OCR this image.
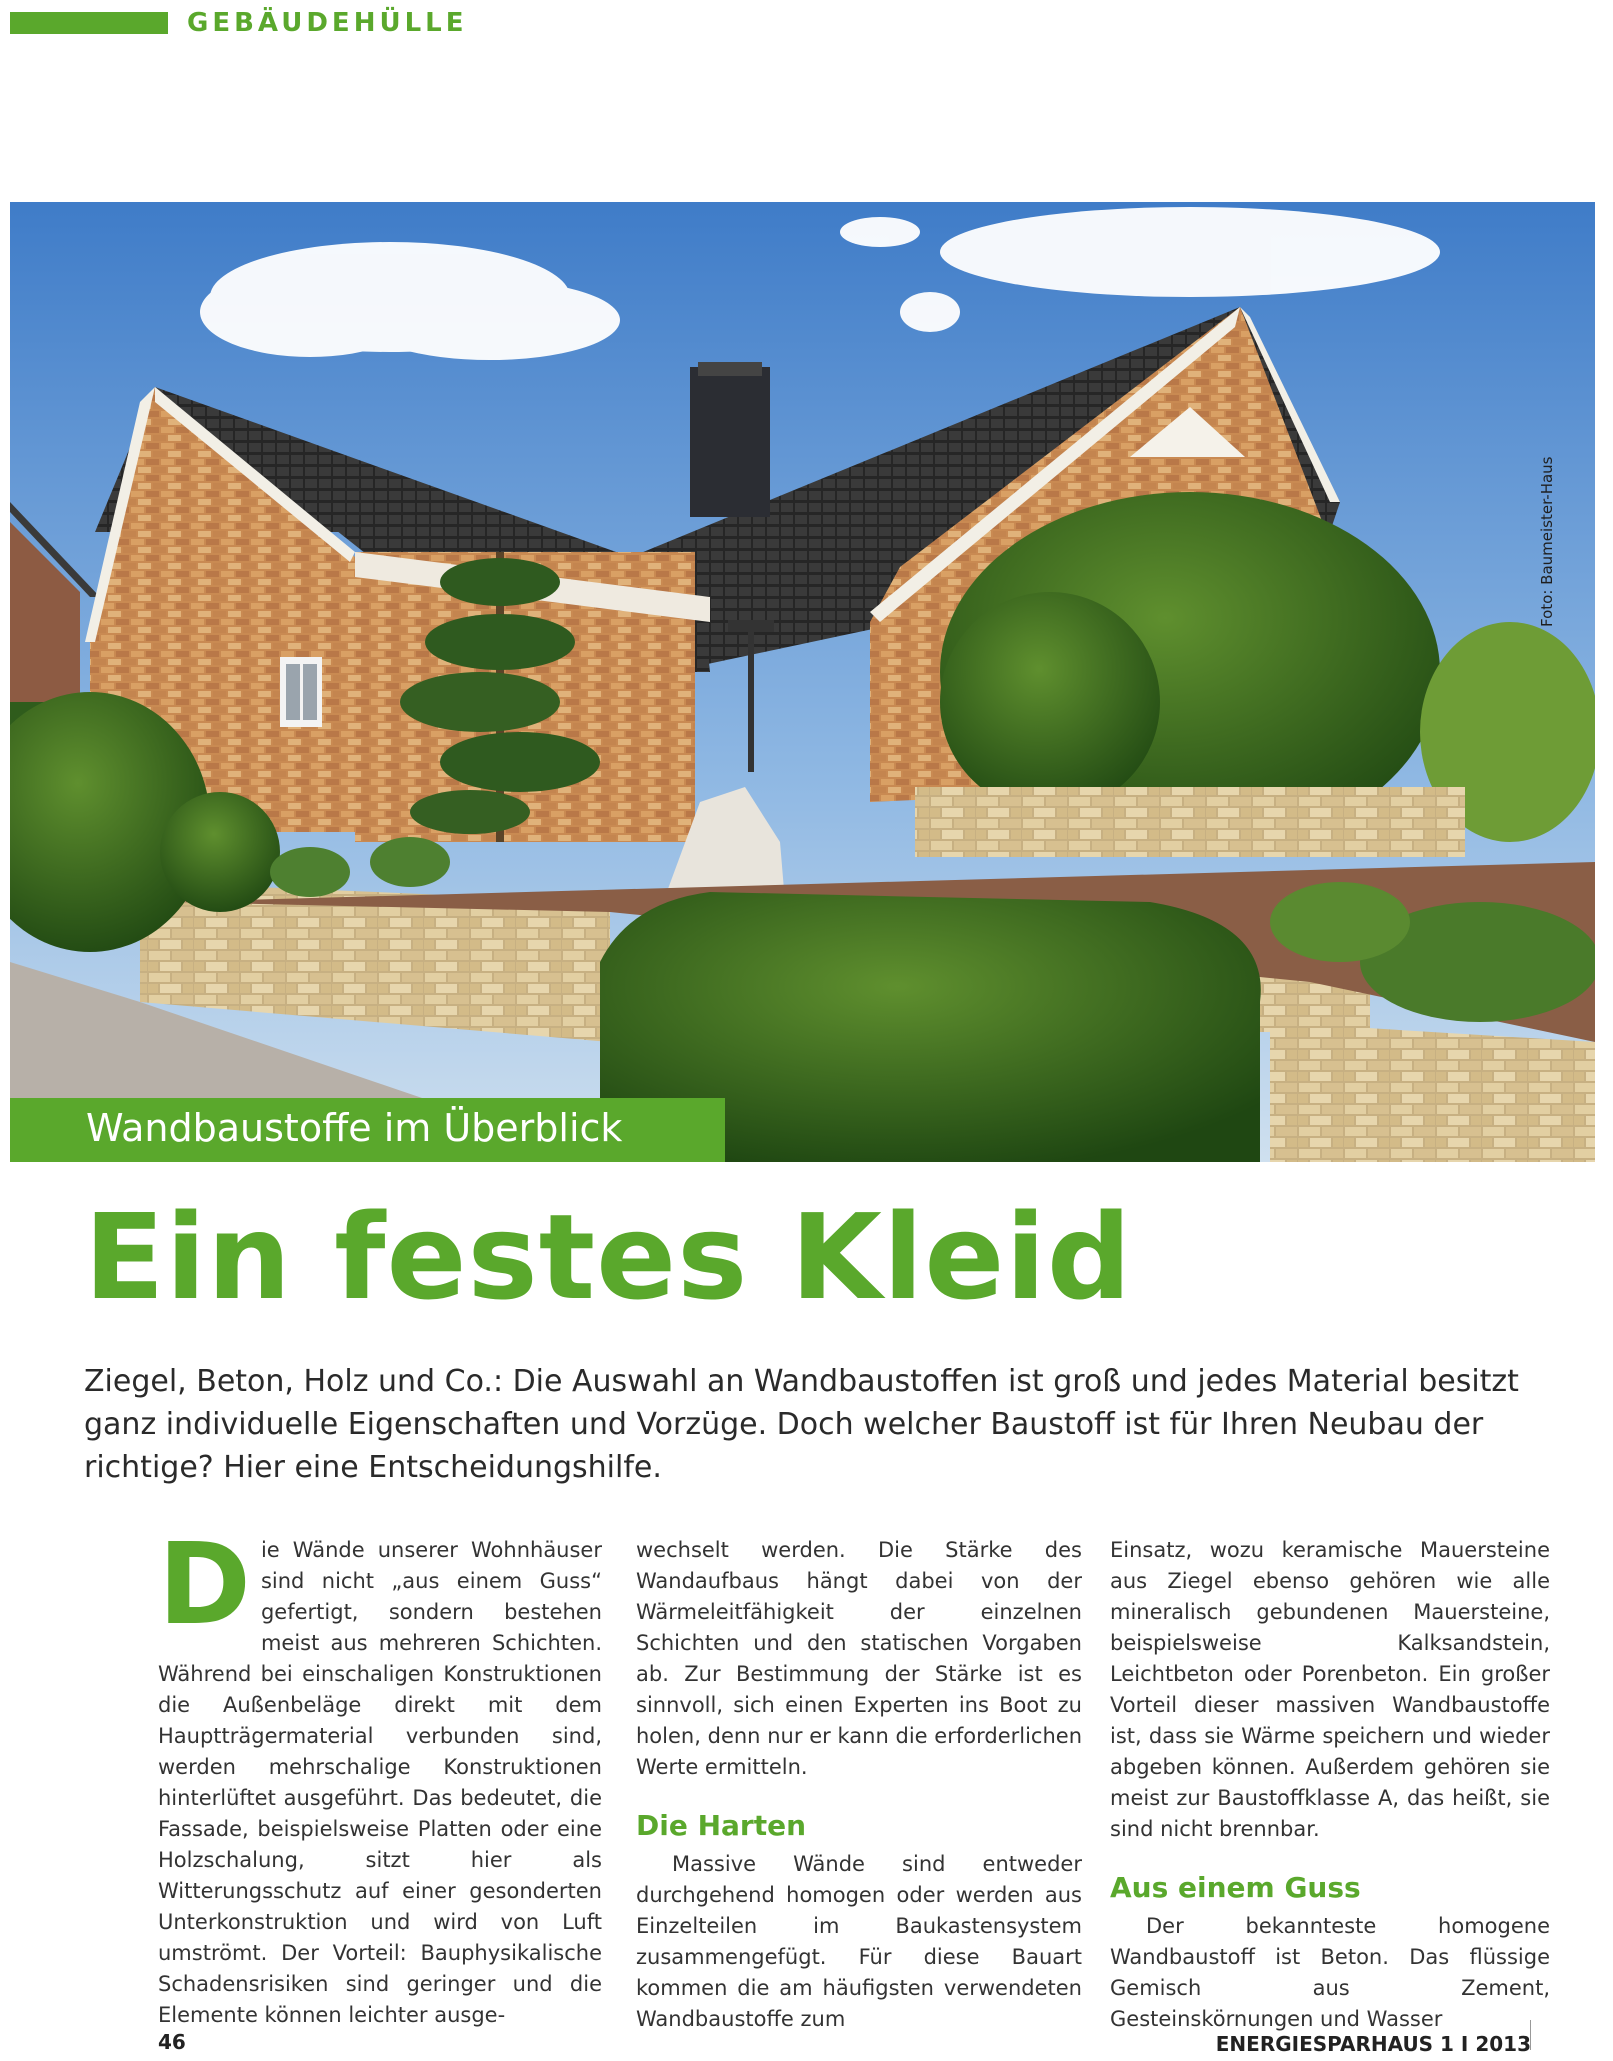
GEBÄUDEHÜLLE
Foto: Baumeister-Haus
Wandbaustoffe im Überblick
Ein festes Kleid
Ziegel, Beton, Holz und Co.: Die Auswahl an Wandbaustoffen ist groß und jedes Material besitzt ganz individuelle Eigenschaften und Vorzüge. Doch welcher Baustoff ist für Ihren Neubau der richtige? Hier eine Entscheidungshilfe.
D ie Wände unserer Wohnhäuser sind nicht „aus einem Guss“ gefertigt, sondern bestehen meist aus mehreren Schichten. Während bei einschaligen Konstruktionen die Außenbeläge direkt mit dem Hauptträgermaterial verbunden sind, werden mehrschalige Konstruktionen hinterlüftet ausgeführt. Das bedeutet, die Fassade, beispielsweise Platten oder eine Holzschalung, sitzt hier als Witterungsschutz auf einer gesonderten Unterkonstruktion und wird von Luft umströmt. Der Vorteil: Bauphysikalische Schadensrisiken sind geringer und die Elemente können leichter ausge-

wechselt werden. Die Stärke des Wandaufbaus hängt dabei von der Wärmeleitfähigkeit der einzelnen Schichten und den statischen Vorgaben ab. Zur Bestimmung der Stärke ist es sinnvoll, sich einen Experten ins Boot zu holen, denn nur er kann die erforderlichen Werte ermitteln.

Die Harten

Massive Wände sind entweder durchgehend homogen oder werden aus Einzelteilen im Baukastensystem zusammengefügt. Für diese Bauart kommen die am häufigsten verwendeten Wandbaustoffe zum

Einsatz, wozu keramische Mauersteine aus Ziegel ebenso gehören wie alle mineralisch gebundenen Mauersteine, beispielsweise Kalksandstein, Leichtbeton oder Porenbeton. Ein großer Vorteil dieser massiven Wandbaustoffe ist, dass sie Wärme speichern und wieder abgeben können. Außerdem gehören sie meist zur Baustoffklasse A, das heißt, sie sind nicht brennbar.

Aus einem Guss

Der bekannteste homogene Wandbaustoff ist Beton. Das flüssige Gemisch aus Zement, Gesteinskörnungen und Wasser

46	ENERGIESPARHAUS 1 I 2013
